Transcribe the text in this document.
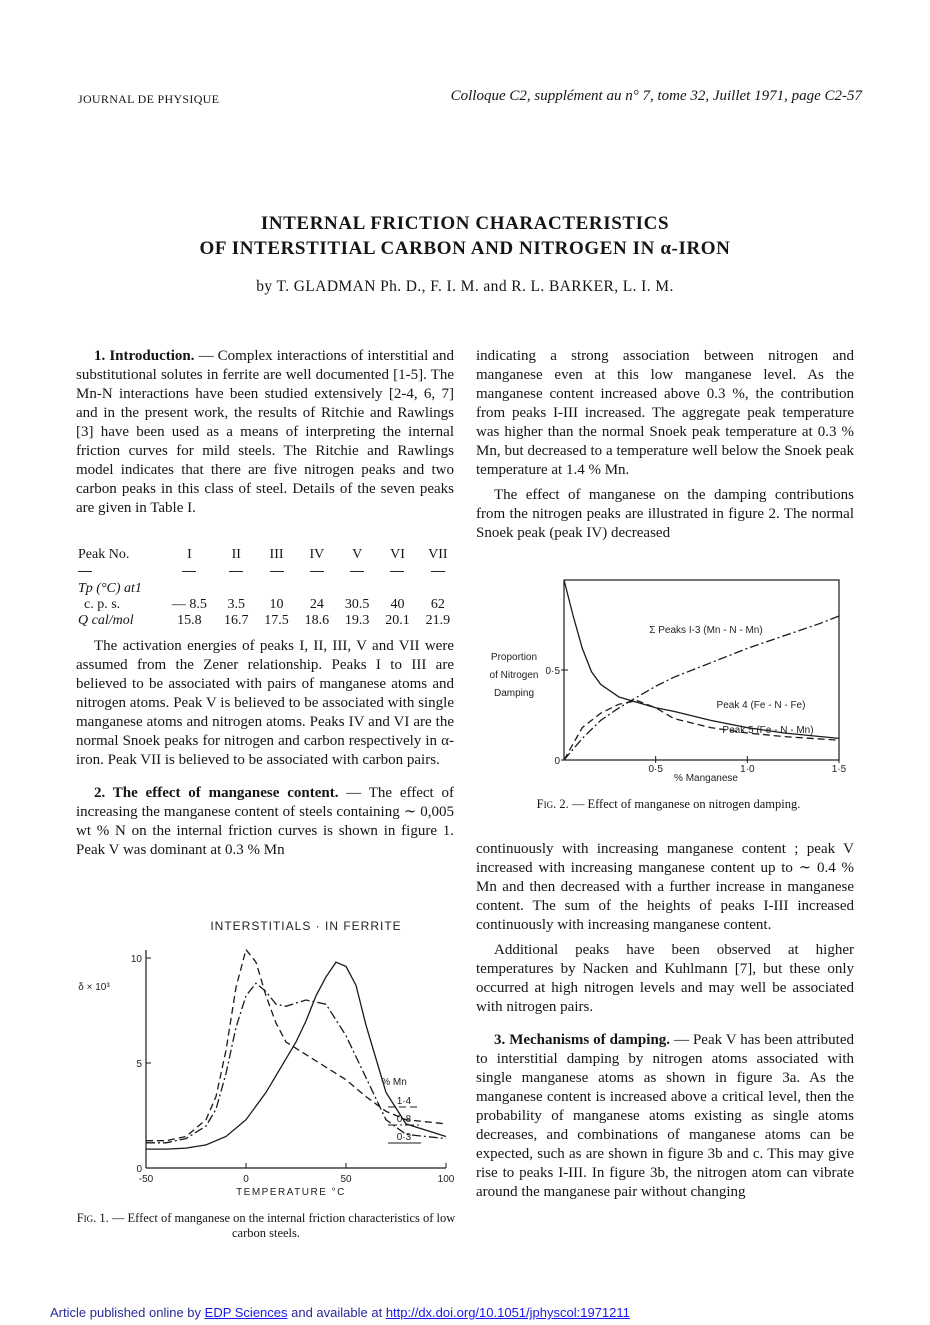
JOURNAL DE PHYSIQUE	Colloque C2, supplément au n° 7, tome 32, Juillet 1971, page C2-57
INTERNAL FRICTION CHARACTERISTICS
OF INTERSTITIAL CARBON AND NITROGEN IN α-IRON
by T. GLADMAN Ph. D., F. I. M. and R. L. BARKER, L. I. M.

1. Introduction. — Complex interactions of interstitial and substitutional solutes in ferrite are well documented [1-5]. The Mn-N interactions have been studied extensively [2-4, 6, 7] and in the present work, the results of Ritchie and Rawlings [3] have been used as a means of interpreting the internal friction curves for mild steels. The Ritchie and Rawlings model indicates that there are five nitrogen peaks and two carbon peaks in this class of steel. Details of the seven peaks are given in Table I.

Peak No.	I	II	III	IV	V	VI	VII

Tp (°C) at1							
c. p. s.	— 8.5	3.5	10	24	30.5	40	62
Q cal/mol	15.8	16.7	17.5	18.6	19.3	20.1	21.9

The activation energies of peaks I, II, III, V and VII were assumed from the Zener relationship. Peaks I to III are believed to be associated with pairs of manganese atoms and nitrogen atoms. Peak V is believed to be associated with single manganese atoms and nitrogen atoms. Peaks IV and VI are the normal Snoek peaks for nitrogen and carbon respectively in α-iron. Peak VII is believed to be associated with carbon pairs.

2. The effect of manganese content. — The effect of increasing the manganese content of steels containing ∼ 0,005 wt % N on the internal friction curves is shown in figure 1. Peak V was dominant at 0.3 % Mn

INTERSTITIALS · IN FERRITE
-50	0	50	100
0
5
10
TEMPERATURE °C
δ × 10³
% Mn
0·3
0·8
1·4
Fig. 1. — Effect of manganese on the internal friction characteristics of low carbon steels.

indicating a strong association between nitrogen and manganese even at this low manganese level. As the manganese content increased above 0.3 %, the contribution from peaks I-III increased. The aggregate peak temperature was higher than the normal Snoek peak temperature at 0.3 % Mn, but decreased to a temperature well below the Snoek peak temperature at 1.4 % Mn.

The effect of manganese on the damping contributions from the nitrogen peaks are illustrated in figure 2. The normal Snoek peak (peak IV) decreased

0·5	1·0	1·5
0
0·5
% Manganese
Proportion
of Nitrogen
Damping
Σ Peaks I-3 (Mn - N - Mn)
Peak 4 (Fe - N - Fe)
Peak 5 (Fe - N - Mn)
Fig. 2. — Effect of manganese on nitrogen damping.

continuously with increasing manganese content ; peak V increased with increasing manganese content up to ∼ 0.4 % Mn and then decreased with a further increase in manganese content. The sum of the heights of peaks I-III increased continuously with increasing manganese content.

Additional peaks have been observed at higher temperatures by Nacken and Kuhlmann [7], but these only occurred at high nitrogen levels and may well be associated with nitrogen pairs.

3. Mechanisms of damping. — Peak V has been attributed to interstitial damping by nitrogen atoms associated with single manganese atoms as shown in figure 3a. As the manganese content is increased above a critical level, then the probability of manganese atoms existing as single atoms decreases, and combinations of manganese atoms can be expected, such as are shown in figure 3b and c. This may give rise to peaks I-III. In figure 3b, the nitrogen atom can vibrate around the manganese pair without changing

Article published online by EDP Sciences and available at http://dx.doi.org/10.1051/jphyscol:1971211
